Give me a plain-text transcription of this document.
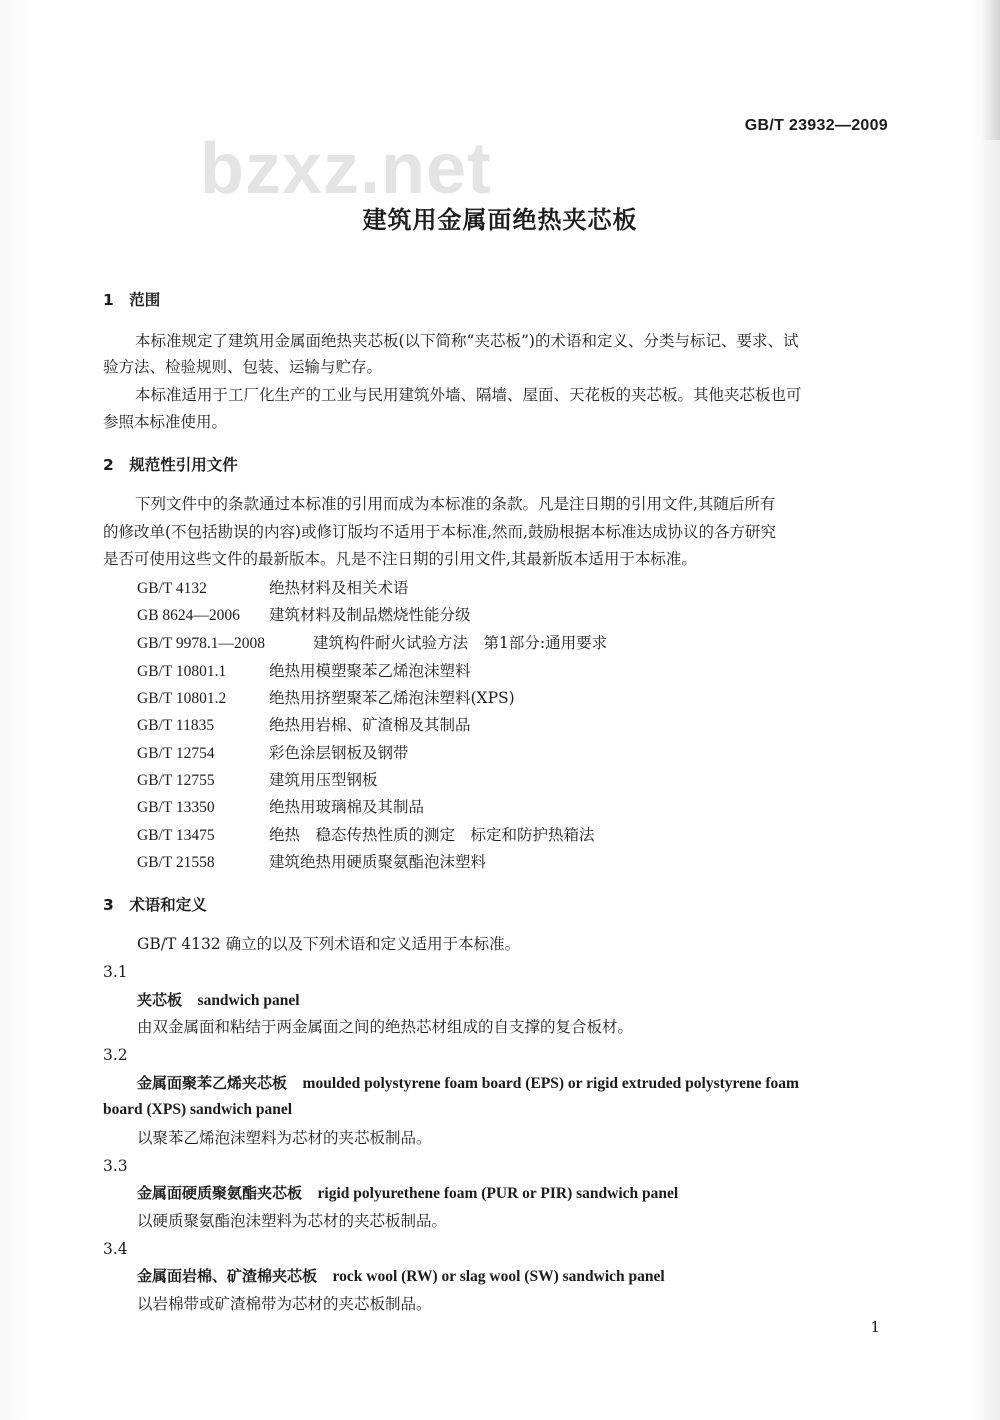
GB/T 23932—2009
bzxz.net
建筑用金属面绝热夹芯板
1　范围
本标准规定了建筑用金属面绝热夹芯板(以下简称“夹芯板”)的术语和定义、分类与标记、要求、试
验方法、检验规则、包装、运输与贮存。
本标准适用于工厂化生产的工业与民用建筑外墙、隔墙、屋面、天花板的夹芯板。其他夹芯板也可
参照本标准使用。
2　规范性引用文件
下列文件中的条款通过本标准的引用而成为本标准的条款。凡是注日期的引用文件,其随后所有
的修改单(不包括勘误的内容)或修订版均不适用于本标准,然而,鼓励根据本标准达成协议的各方研究
是否可使用这些文件的最新版本。凡是不注日期的引用文件,其最新版本适用于本标准。
GB/T 4132	绝热材料及相关术语
GB 8624—2006 建筑材料及制品燃烧性能分级
GB/T 9978.1—2008	建筑构件耐火试验方法　第1部分:通用要求
GB/T 10801.1	绝热用模塑聚苯乙烯泡沫塑料
GB/T 10801.2	绝热用挤塑聚苯乙烯泡沫塑料(XPS)
GB/T 11835	绝热用岩棉、矿渣棉及其制品
GB/T 12754	彩色涂层钢板及钢带
GB/T 12755	建筑用压型钢板
GB/T 13350	绝热用玻璃棉及其制品
GB/T 13475	绝热　稳态传热性质的测定　标定和防护热箱法
GB/T 21558	建筑绝热用硬质聚氨酯泡沫塑料
3　术语和定义
GB/T 4132 确立的以及下列术语和定义适用于本标准。
3.1
夹芯板　 sandwich panel
由双金属面和粘结于两金属面之间的绝热芯材组成的自支撑的复合板材。
3.2
金属面聚苯乙烯夹芯板　 moulded polystyrene foam board (EPS) or rigid extruded polystyrene foam
board (XPS) sandwich panel
以聚苯乙烯泡沫塑料为芯材的夹芯板制品。
3.3
金属面硬质聚氨酯夹芯板　 rigid polyurethene foam (PUR or PIR) sandwich panel
以硬质聚氨酯泡沫塑料为芯材的夹芯板制品。
3.4
金属面岩棉、矿渣棉夹芯板　 rock wool (RW) or slag wool (SW) sandwich panel
以岩棉带或矿渣棉带为芯材的夹芯板制品。
1
